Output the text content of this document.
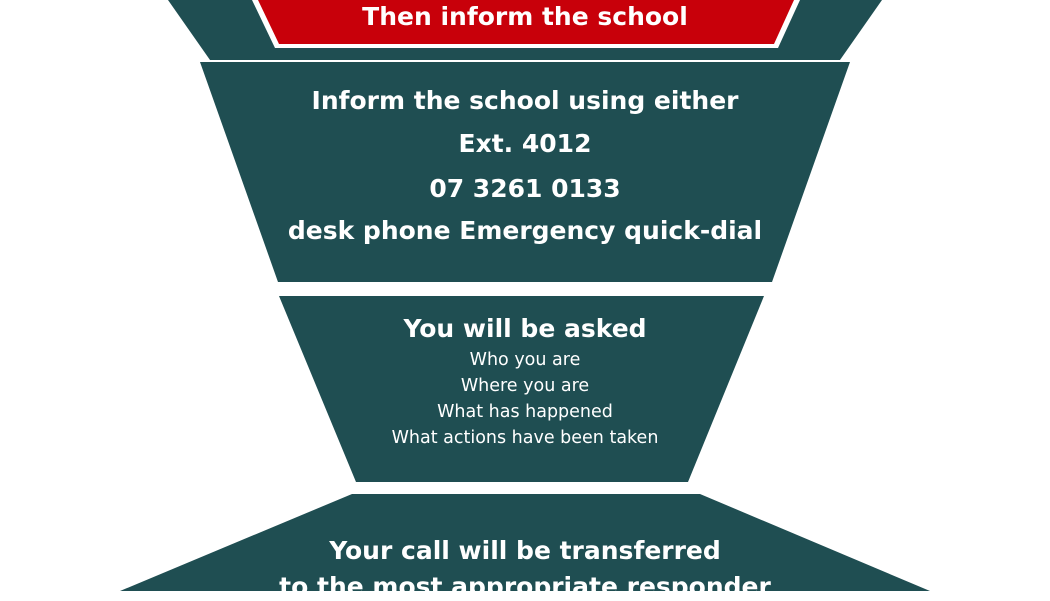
Then inform the school

Inform the school using either

Ext. 4012

07 3261 0133

desk phone Emergency quick-dial

You will be asked

Who you are

Where you are

What has happened

What actions have been taken

Your call will be transferred

to the most appropriate responder
